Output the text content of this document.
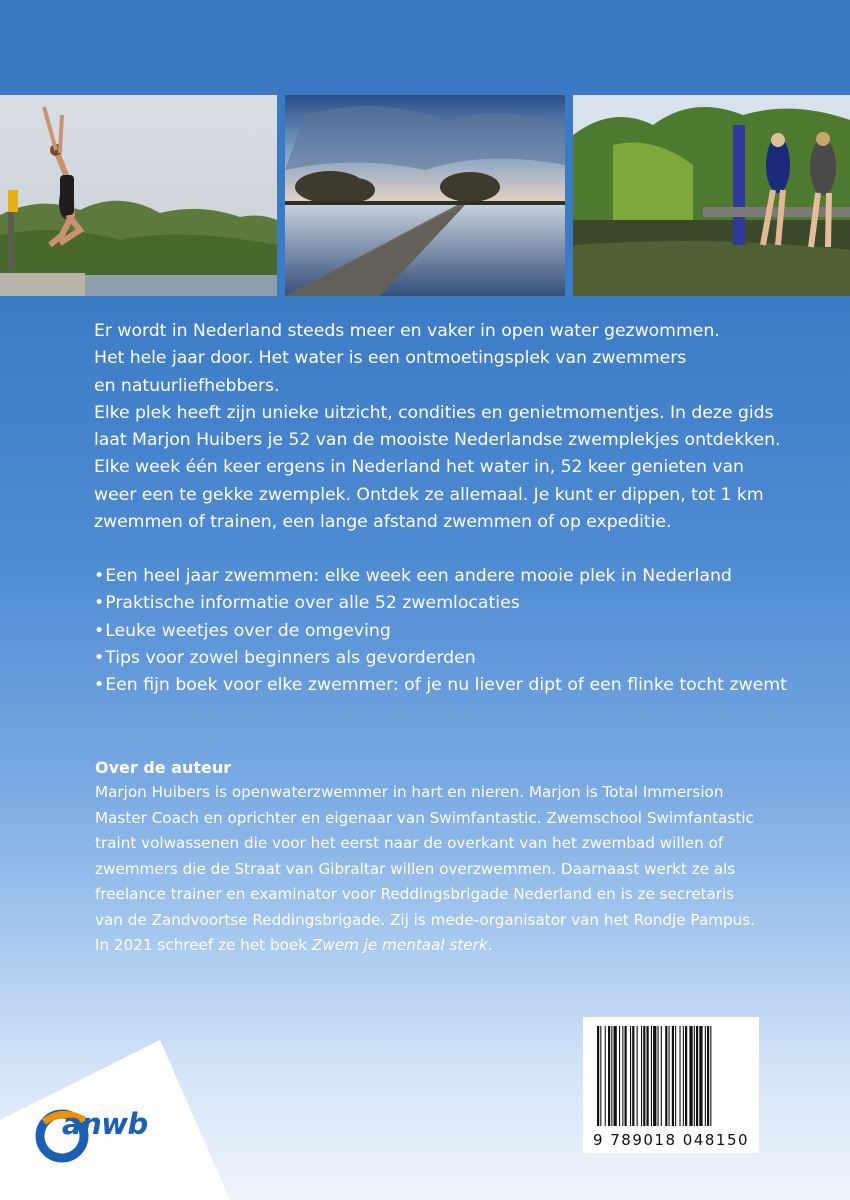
Er wordt in Nederland steeds meer en vaker in open water gezwommen.

Het hele jaar door. Het water is een ontmoetingsplek van zwemmers

en natuurliefhebbers.

Elke plek heeft zijn unieke uitzicht, condities en genietmomentjes. In deze gids

laat Marjon Huibers je 52 van de mooiste Nederlandse zwemplekjes ontdekken.

Elke week één keer ergens in Nederland het water in, 52 keer genieten van

weer een te gekke zwemplek. Ontdek ze allemaal. Je kunt er dippen, tot 1 km

zwemmen of trainen, een lange afstand zwemmen of op expeditie.

•Een heel jaar zwemmen: elke week een andere mooie plek in Nederland
•Praktische informatie over alle 52 zwemlocaties
•Leuke weetjes over de omgeving
•Tips voor zowel beginners als gevorderden
•Een fijn boek voor elke zwemmer: of je nu liever dipt of een flinke tocht zwemt
Over de auteur

Marjon Huibers is openwaterzwemmer in hart en nieren. Marjon is Total Immersion

Master Coach en oprichter en eigenaar van Swimfantastic. Zwemschool Swimfantastic

traint volwassenen die voor het eerst naar de overkant van het zwembad willen of

zwemmers die de Straat van Gibraltar willen overzwemmen. Daarnaast werkt ze als

freelance trainer en examinator voor Reddingsbrigade Nederland en is ze secretaris

van de Zandvoortse Reddingsbrigade. Zij is mede-organisator van het Rondje Pampus.

In 2021 schreef ze het boek Zwem je mentaal sterk.

9 789018 048150
anwb
